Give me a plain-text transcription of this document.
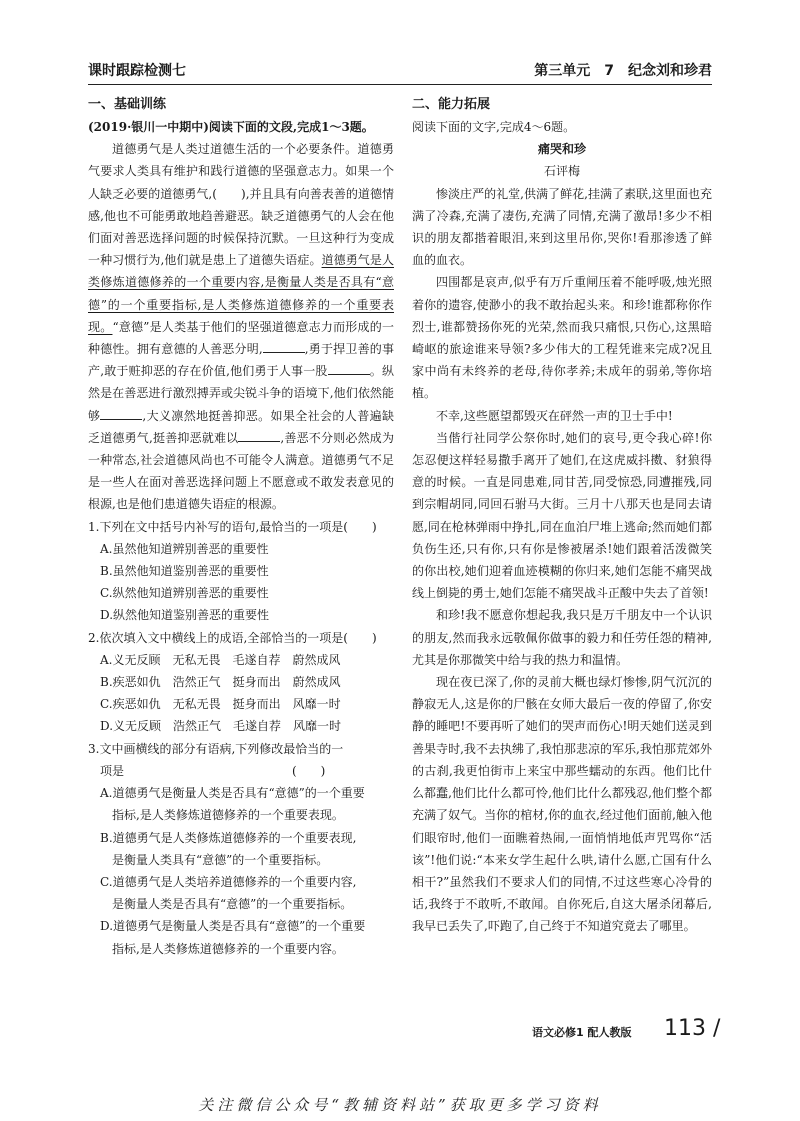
课时跟踪检测七	第三单元　7　纪念刘和珍君
一、基础训练

(2019·银川一中期中)阅读下面的文段,完成1～3题。

道德勇气是人类过道德生活的一个必要条件。道德勇气要求人类具有维护和践行道德的坚强意志力。如果一个人缺乏必要的道德勇气,(　　),并且具有向善表善的道德情感,他也不可能勇敢地趋善避恶。缺乏道德勇气的人会在他们面对善恶选择问题的时候保持沉默。一旦这种行为变成一种习惯行为,他们就是患上了道德失语症。道德勇气是人类修炼道德修养的一个重要内容,是衡量人类是否具有“意德”的一个重要指标,是人类修炼道德修养的一个重要表现。“意德”是人类基于他们的坚强道德意志力而形成的一种德性。拥有意德的人善恶分明,	,勇于捍卫善的事产,敢于赃抑恶的存在价值,他们勇于人事一股	。纵然是在善恶进行激烈搏弄或尖锐斗争的语境下,他们依然能够	,大义凛然地挺善抑恶。如果全社会的人普遍缺乏道德勇气,挺善抑恶就难以	,善恶不分则必然成为一种常态,社会道德风尚也不可能令人满意。道德勇气不足是一些人在面对善恶选择问题上不愿意或不敢发表意见的根源,也是他们患道德失语症的根源。

1.下列在文中括号内补写的语句,最恰当的一项是(　　)

A.虽然他知道辨别善恶的重要性

B.虽然他知道鉴别善恶的重要性

C.纵然他知道辨别善恶的重要性

D.纵然他知道鉴别善恶的重要性

2.依次填入文中横线上的成语,全部恰当的一项是(　　)

A.义无反顾　无私无畏　毛遂自荐　蔚然成风

B.疾恶如仇　浩然正气　挺身而出　蔚然成风

C.疾恶如仇　无私无畏　挺身而出　风靡一时

D.义无反顾　浩然正气　毛遂自荐　风靡一时

3.文中画横线的部分有语病,下列修改最恰当的一

项是　　　　　　　　　　　　　　(　　)

A.道德勇气是衡量人类是否具有“意德”的一个重要

指标,是人类修炼道德修养的一个重要表现。

B.道德勇气是人类修炼道德修养的一个重要表现,

是衡量人类具有“意德”的一个重要指标。

C.道德勇气是人类培养道德修养的一个重要内容,

是衡量人类是否具有“意德”的一个重要指标。

D.道德勇气是衡量人类是否具有“意德”的一个重要

指标,是人类修炼道德修养的一个重要内容。

二、能力拓展

阅读下面的文字,完成4～6题。

痛哭和珍

石评梅

惨淡庄严的礼堂,供满了鲜花,挂满了素联,这里面也充满了冷森,充满了凄伤,充满了同情,充满了激昂!多少不相识的朋友都揩着眼泪,来到这里吊你,哭你!看那渗透了鲜血的血衣。

四围都是哀声,似乎有万斤重闸压着不能呼吸,烛光照着你的遗容,使渺小的我不敢抬起头来。和珍!谁都称你作烈士,谁都赞扬你死的光荣,然而我只痛恨,只伤心,这黑暗崎岖的旅途谁来导领?多少伟大的工程凭谁来完成?况且家中尚有未终养的老母,待你孝养;未成年的弱弟,等你培植。

不幸,这些愿望都毁灭在砰然一声的卫士手中!

当偕行社同学公祭你时,她们的哀号,更令我心碎!你怎忍便这样轻易撒手离开了她们,在这虎威抖擞、豺狼得意的时候。一直是同患难,同甘苦,同受惊恐,同遭摧残,同到宗帽胡同,同回石驸马大街。三月十八那天也是同去请愿,同在枪林弹雨中挣扎,同在血泊尸堆上逃命;然而她们都负伤生还,只有你,只有你是惨被屠杀!她们跟着活泼微笑的你出校,她们迎着血迹模糊的你归来,她们怎能不痛哭战线上倒毙的勇士,她们怎能不痛哭战斗正酸中失去了首领!

和珍!我不愿意你想起我,我只是万千朋友中一个认识的朋友,然而我永远敬佩你做事的毅力和任劳任怨的精神,尤其是你那微笑中给与我的热力和温情。

现在夜已深了,你的灵前大概也绿灯惨惨,阴气沉沉的静寂无人,这是你的尸骸在女师大最后一夜的停留了,你安静的睡吧!不要再听了她们的哭声而伤心!明天她们送灵到善果寺时,我不去执绋了,我怕那悲凉的军乐,我怕那荒郊外的古刹,我更怕街市上来宝中那些蠕动的东西。他们比什么都蠢,他们比什么都可怜,他们比什么都残忍,他们整个都充满了奴气。当你的棺材,你的血衣,经过他们面前,触入他们眼帘时,他们一面瞧着热闹,一面悄悄地低声咒骂你“活该”!他们说:“本来女学生起什么哄,请什么愿,亡国有什么相干?”虽然我们不要求人们的同情,不过这些寒心冷骨的话,我终于不敢听,不敢闻。自你死后,自这大屠杀闭幕后,我早已丢失了,吓跑了,自己终于不知道究竟去了哪里。

语文必修1 配人教版 113 /
关注微信公众号“教辅资料站”获取更多学习资料
